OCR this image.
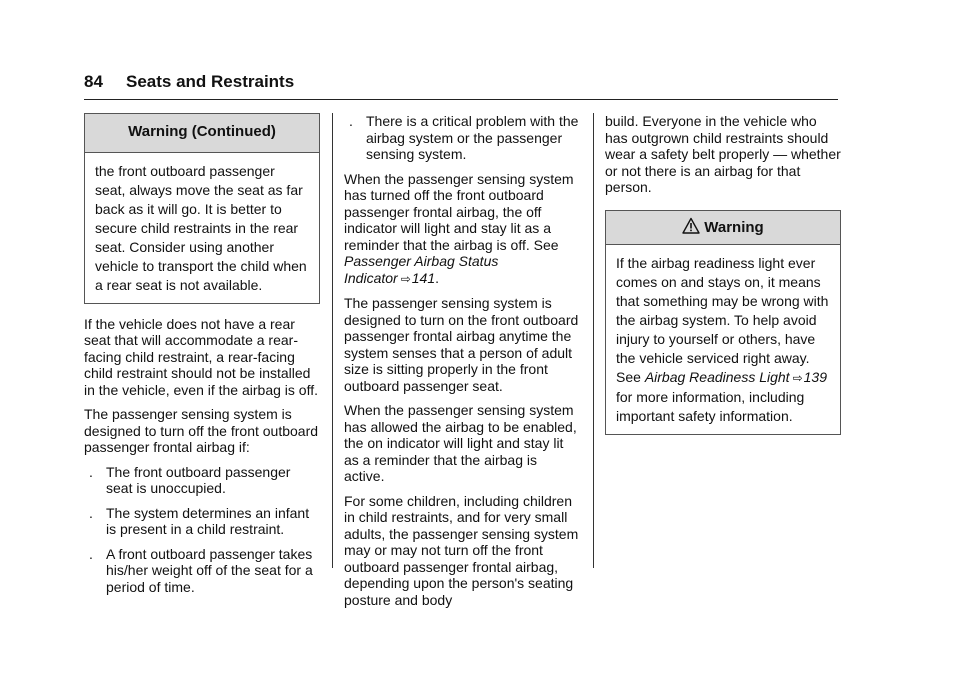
84 Seats and Restraints
Warning (Continued)
the front outboard passenger seat, always move the seat as far back as it will go. It is better to secure child restraints in the rear seat. Consider using another vehicle to transport the child when a rear seat is not available.

If the vehicle does not have a rear seat that will accommodate a rear-facing child restraint, a rear-facing child restraint should not be installed in the vehicle, even if the airbag is off.

The passenger sensing system is designed to turn off the front outboard passenger frontal airbag if:

. The front outboard passenger seat is unoccupied.
. The system determines an infant is present in a child restraint.
. A front outboard passenger takes his/her weight off of the seat for a period of time.
. There is a critical problem with the airbag system or the passenger sensing system.

When the passenger sensing system has turned off the front outboard passenger frontal airbag, the off indicator will light and stay lit as a reminder that the airbag is off. See Passenger Airbag Status Indicator ⇨141.

The passenger sensing system is designed to turn on the front outboard passenger frontal airbag anytime the system senses that a person of adult size is sitting properly in the front outboard passenger seat.

When the passenger sensing system has allowed the airbag to be enabled, the on indicator will light and stay lit as a reminder that the airbag is active.

For some children, including children in child restraints, and for very small adults, the passenger sensing system may or may not turn off the front outboard passenger frontal airbag, depending upon the person's seating posture and body

build. Everyone in the vehicle who has outgrown child restraints should wear a safety belt properly — whether or not there is an airbag for that person.

Warning
If the airbag readiness light ever comes on and stays on, it means that something may be wrong with the airbag system. To help avoid injury to yourself or others, have the vehicle serviced right away. See Airbag Readiness Light ⇨139 for more information, including important safety information.
